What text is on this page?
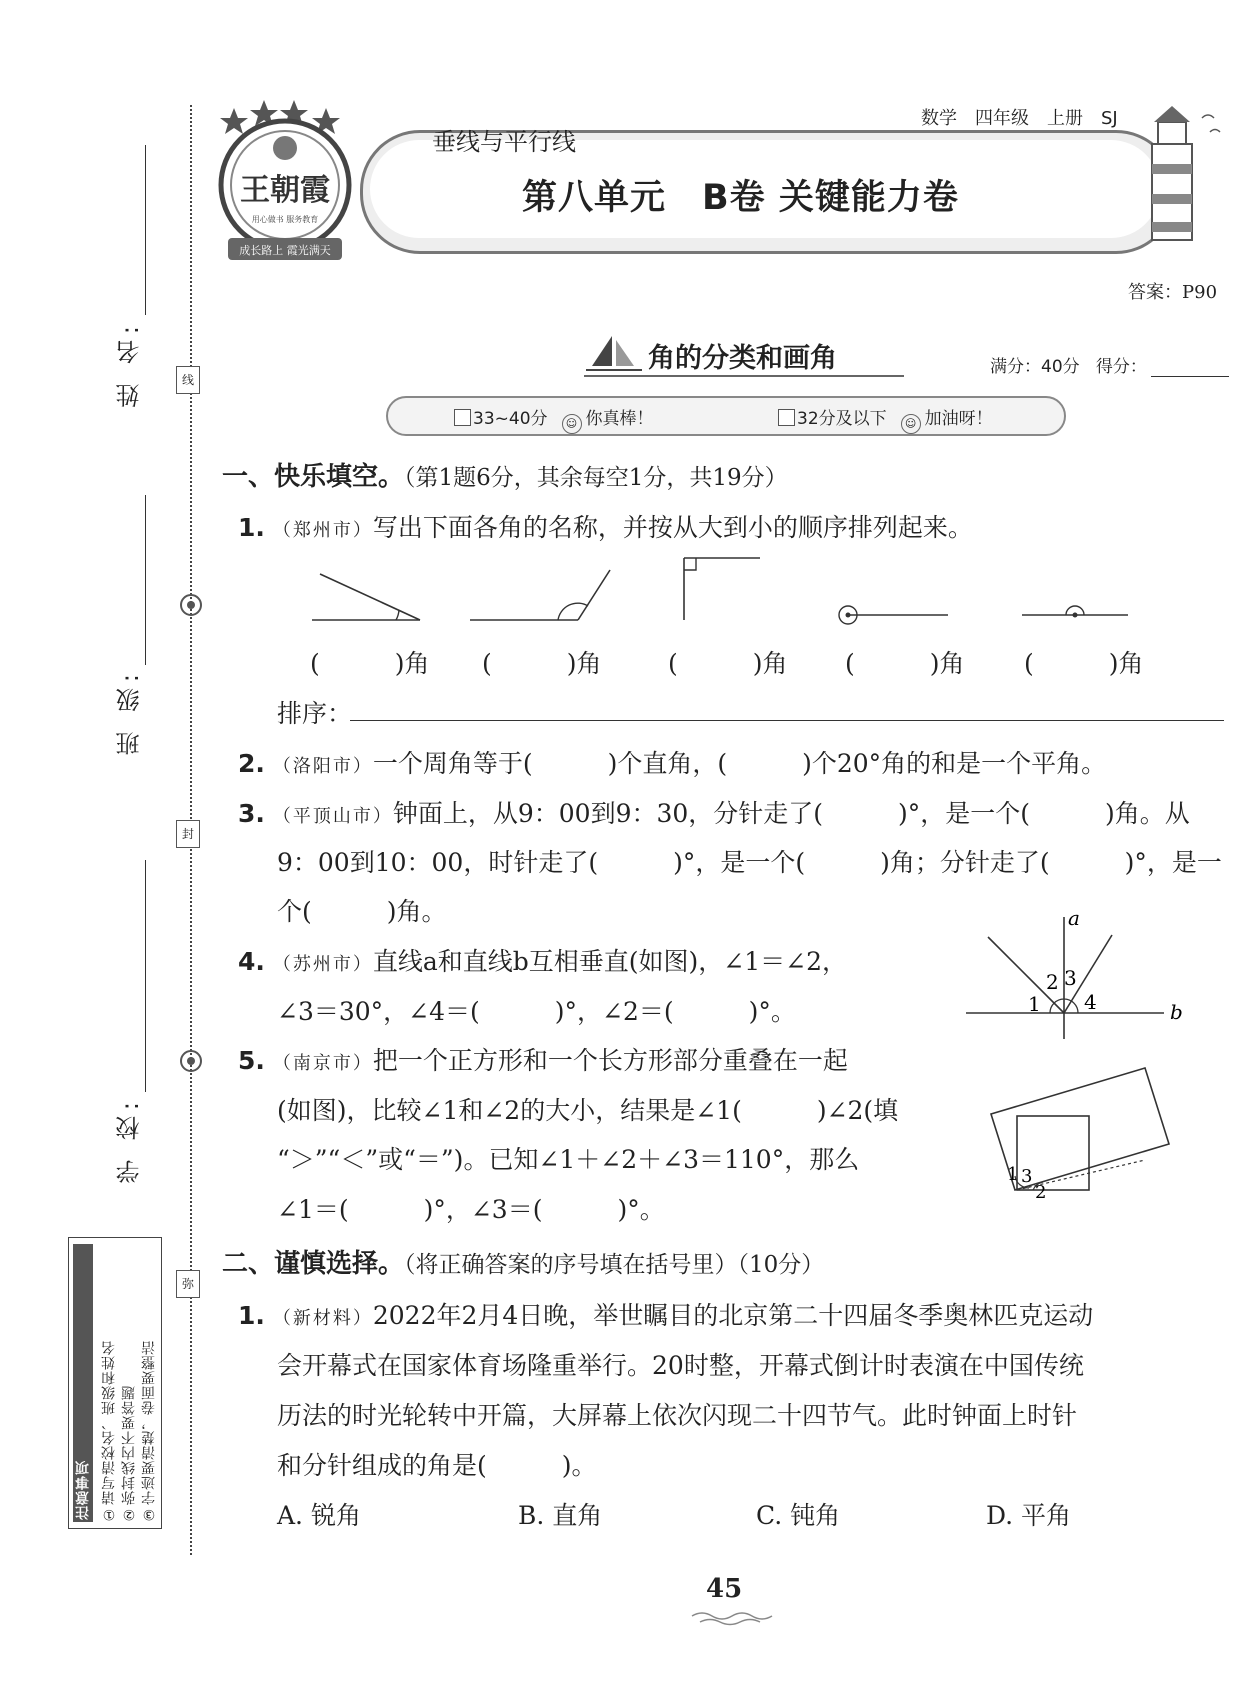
姓 名:
班 级:
学 校:
线
封
弥
注意事项 ①请写清校名、班级和姓名 ②弥封线内不要答题 ③字迹要清楚，卷面要整洁
王朝霞
用心做书 服务教育
成长路上 霞光满天
垂线与平行线
数学　四年级　上册　SJ
第八单元　B卷 关键能力卷
答案：P90
角的分类和画角	满分：40分 得分：
33~40分 ☺ 你真棒！	32分及以下 ☺ 加油呀！
一、快乐填空。（第1题6分，其余每空1分，共19分）
1. （郑州市）写出下面各角的名称，并按从大到小的顺序排列起来。
(　　　)角 (　　　)角	(　　　)角 (　　　)角 (　　　)角
排序：
2. （洛阳市）一个周角等于(　　　)个直角，(　　　)个20°角的和是一个平角。
3. （平顶山市）钟面上，从9：00到9：30，分针走了(　　　)°，是一个(　　　)角。从
9：00到10：00，时针走了(　　　)°，是一个(　　　)角；分针走了(　　　)°，是一
个(　　　)角。
4. （苏州市）直线a和直线b互相垂直(如图)，∠1＝∠2，
∠3＝30°，∠4＝(　　　)°，∠2＝(　　　)°。
a
b
1
2 3
4
5. （南京市）把一个正方形和一个长方形部分重叠在一起
(如图)，比较∠1和∠2的大小，结果是∠1(　　　)∠2(填
“＞”“＜”或“＝”)。已知∠1＋∠2＋∠3＝110°，那么
∠1＝(　　　)°，∠3＝(　　　)°。
1 3
2
二、谨慎选择。（将正确答案的序号填在括号里）（10分）
1. （新材料）2022年2月4日晚，举世瞩目的北京第二十四届冬季奥林匹克运动
会开幕式在国家体育场隆重举行。20时整，开幕式倒计时表演在中国传统
历法的时光轮转中开篇，大屏幕上依次闪现二十四节气。此时钟面上时针
和分针组成的角是(　　　)。
A. 锐角	B. 直角	C. 钝角	D. 平角
45
